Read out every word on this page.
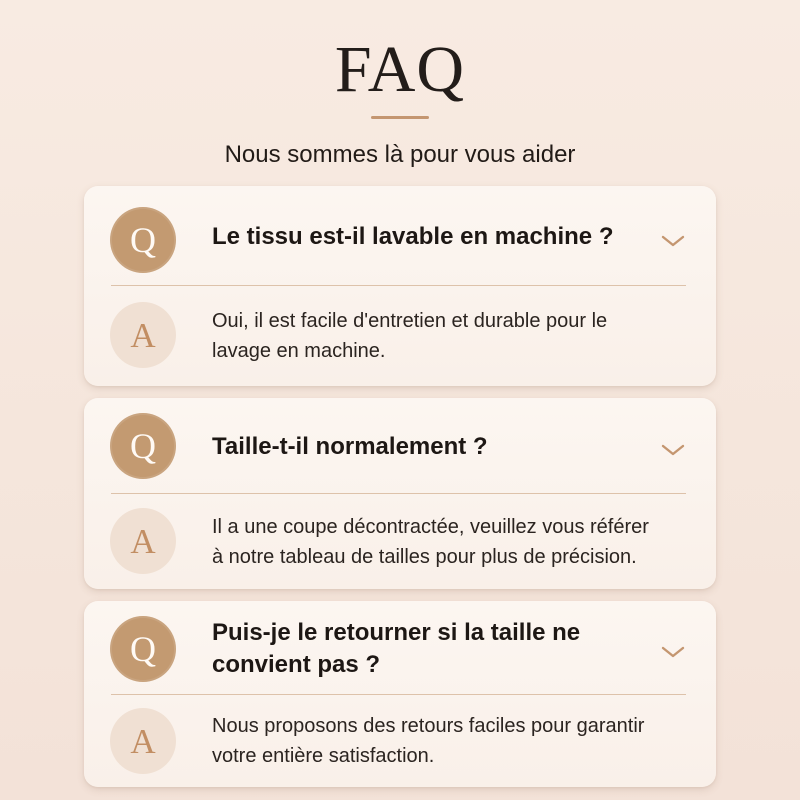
FAQ
Nous sommes là pour vous aider
Q	Le tissu est-il lavable en machine ?
A	Oui, il est facile d'entretien et durable pour le lavage en machine.
Q	Taille-t-il normalement ?
A	Il a une coupe décontractée, veuillez vous référer à notre tableau de tailles pour plus de précision.
Q	Puis-je le retourner si la taille ne convient pas ?
A	Nous proposons des retours faciles pour garantir votre entière satisfaction.
